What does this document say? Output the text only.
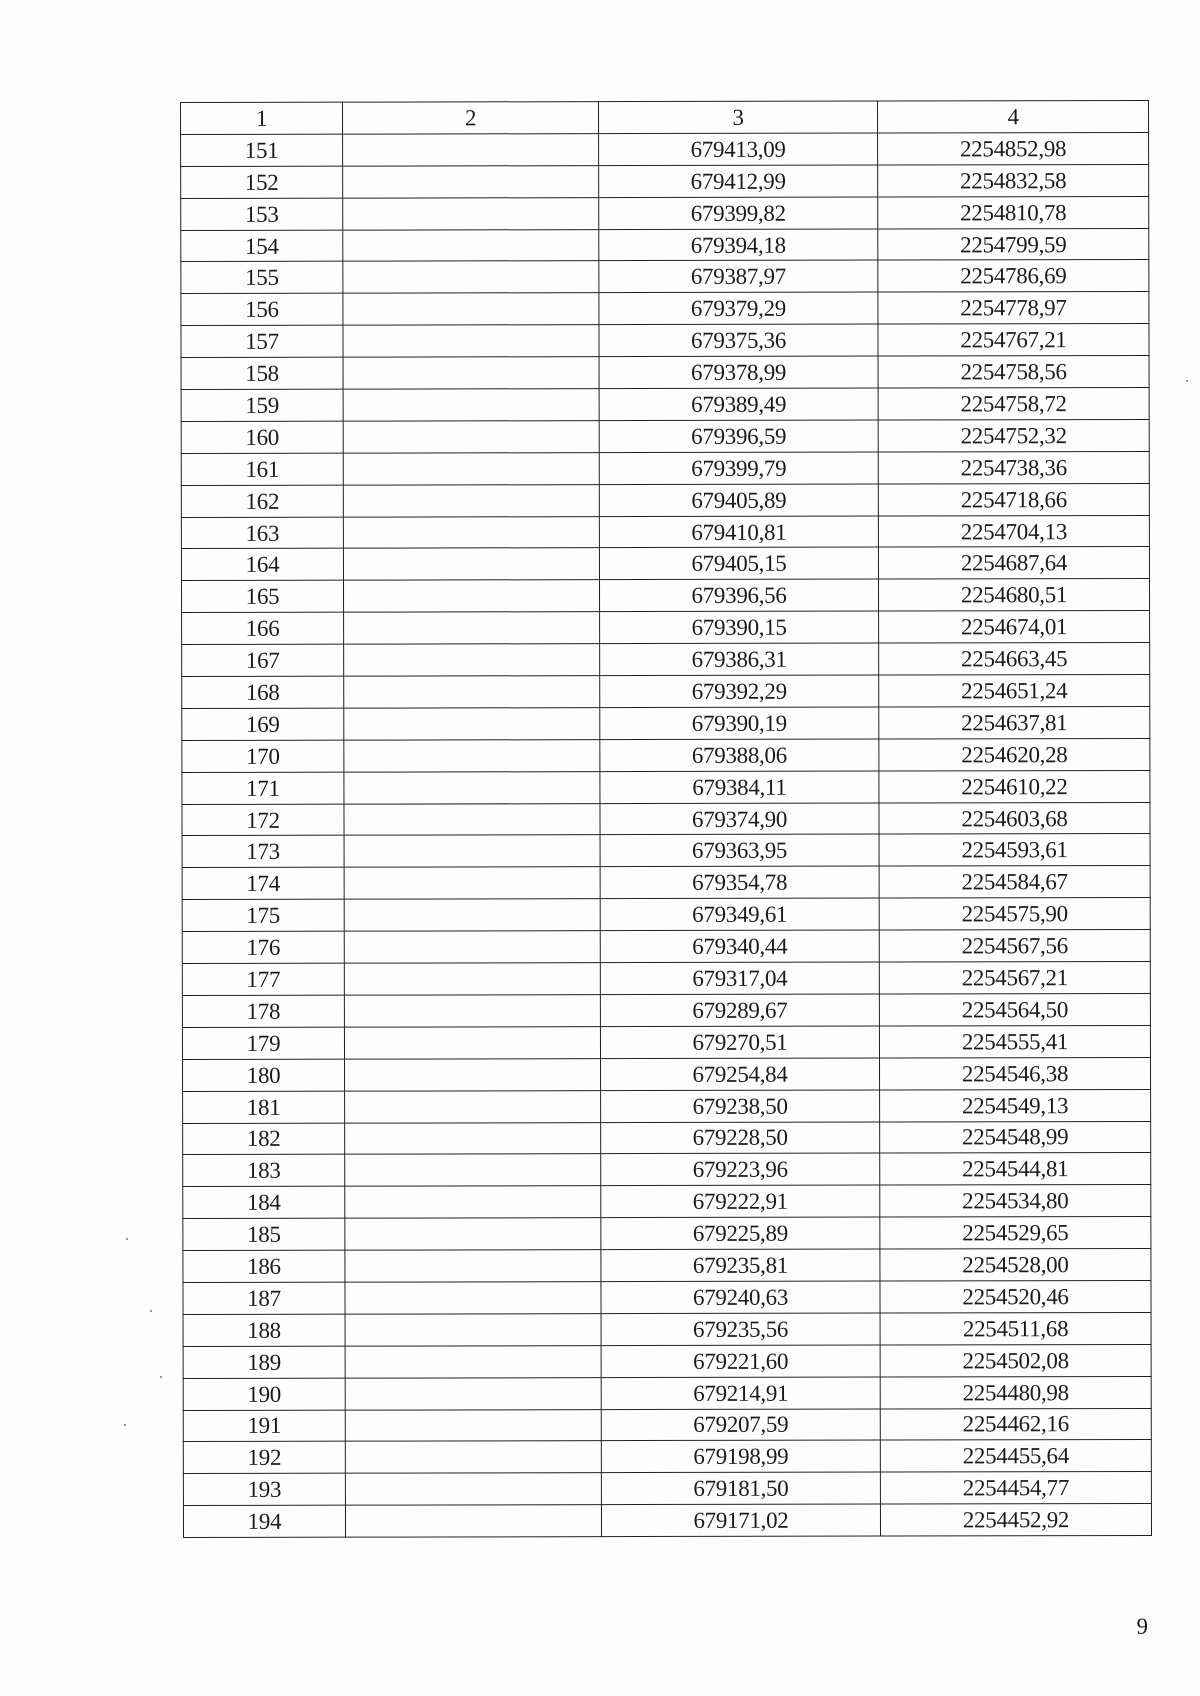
1	2	3	4
151		679413,09	2254852,98
152		679412,99	2254832,58
153		679399,82	2254810,78
154		679394,18	2254799,59
155		679387,97	2254786,69
156		679379,29	2254778,97
157		679375,36	2254767,21
158		679378,99	2254758,56
159		679389,49	2254758,72
160		679396,59	2254752,32
161		679399,79	2254738,36
162		679405,89	2254718,66
163		679410,81	2254704,13
164		679405,15	2254687,64
165		679396,56	2254680,51
166		679390,15	2254674,01
167		679386,31	2254663,45
168		679392,29	2254651,24
169		679390,19	2254637,81
170		679388,06	2254620,28
171		679384,11	2254610,22
172		679374,90	2254603,68
173		679363,95	2254593,61
174		679354,78	2254584,67
175		679349,61	2254575,90
176		679340,44	2254567,56
177		679317,04	2254567,21
178		679289,67	2254564,50
179		679270,51	2254555,41
180		679254,84	2254546,38
181		679238,50	2254549,13
182		679228,50	2254548,99
183		679223,96	2254544,81
184		679222,91	2254534,80
185		679225,89	2254529,65
186		679235,81	2254528,00
187		679240,63	2254520,46
188		679235,56	2254511,68
189		679221,60	2254502,08
190		679214,91	2254480,98
191		679207,59	2254462,16
192		679198,99	2254455,64
193		679181,50	2254454,77
194		679171,02	2254452,92
9
